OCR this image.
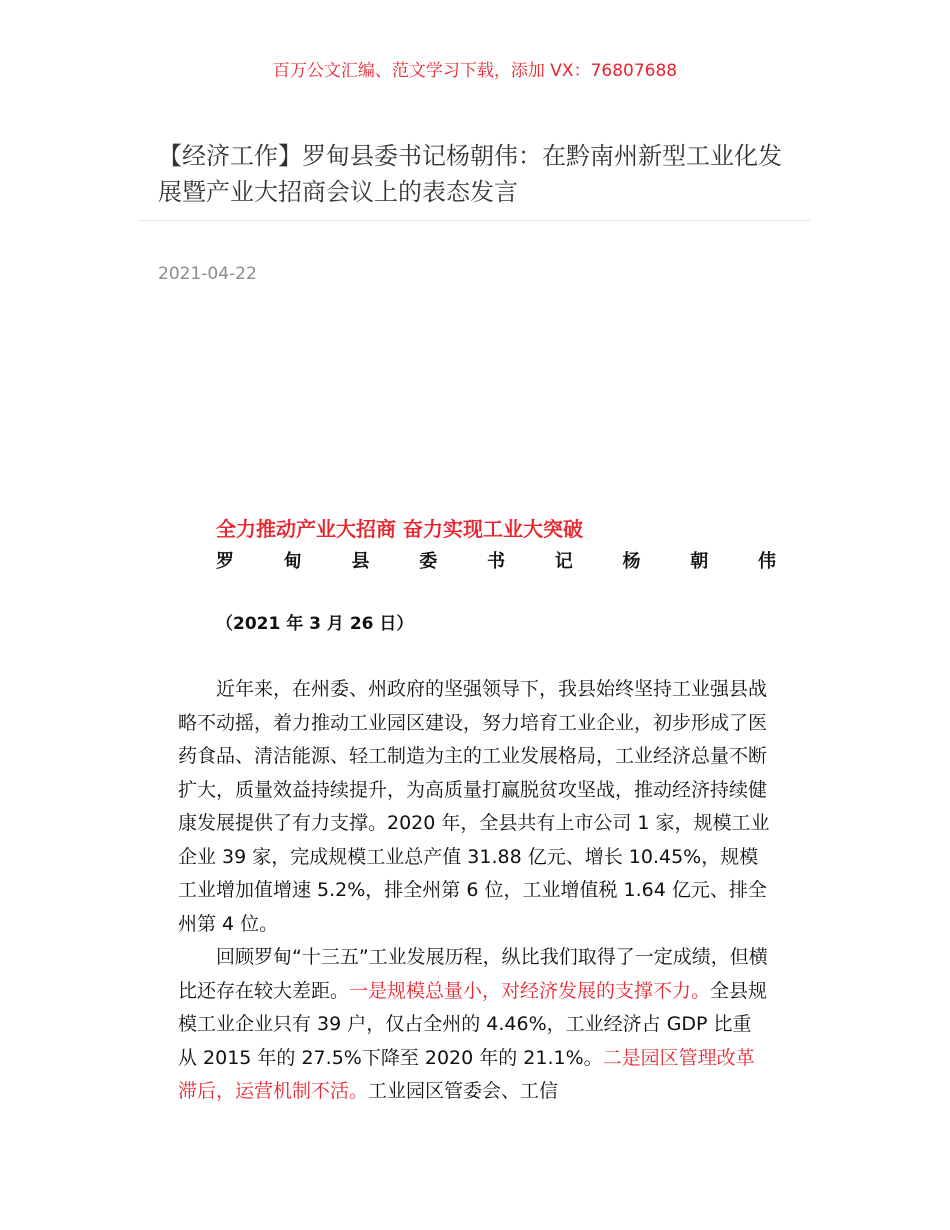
百万公文汇编、范文学习下载，添加 VX：76807688
【经济工作】罗甸县委书记杨朝伟：在黔南州新型工业化发展暨产业大招商会议上的表态发言
2021-04-22
全力推动产业大招商 奋力实现工业大突破
罗	甸	县	委	书	记	杨	朝	伟
（2021 年 3 月 26 日）

近年来，在州委、州政府的坚强领导下，我县始终坚持工业强县战略不动摇，着力推动工业园区建设，努力培育工业企业，初步形成了医药食品、清洁能源、轻工制造为主的工业发展格局，工业经济总量不断扩大，质量效益持续提升，为高质量打赢脱贫攻坚战，推动经济持续健康发展提供了有力支撑。2020 年，全县共有上市公司 1 家，规模工业企业 39 家，完成规模工业总产值 31.88 亿元、增长 10.45%，规模工业增加值增速 5.2%，排全州第 6 位，工业增值税 1.64 亿元、排全州第 4 位。

回顾罗甸“十三五”工业发展历程，纵比我们取得了一定成绩，但横比还存在较大差距。一是规模总量小，对经济发展的支撑不力。全县规模工业企业只有 39 户，仅占全州的 4.46%，工业经济占 GDP 比重从 2015 年的 27.5%下降至 2020 年的 21.1%。二是园区管理改革滞后，运营机制不活。工业园区管委会、工信
